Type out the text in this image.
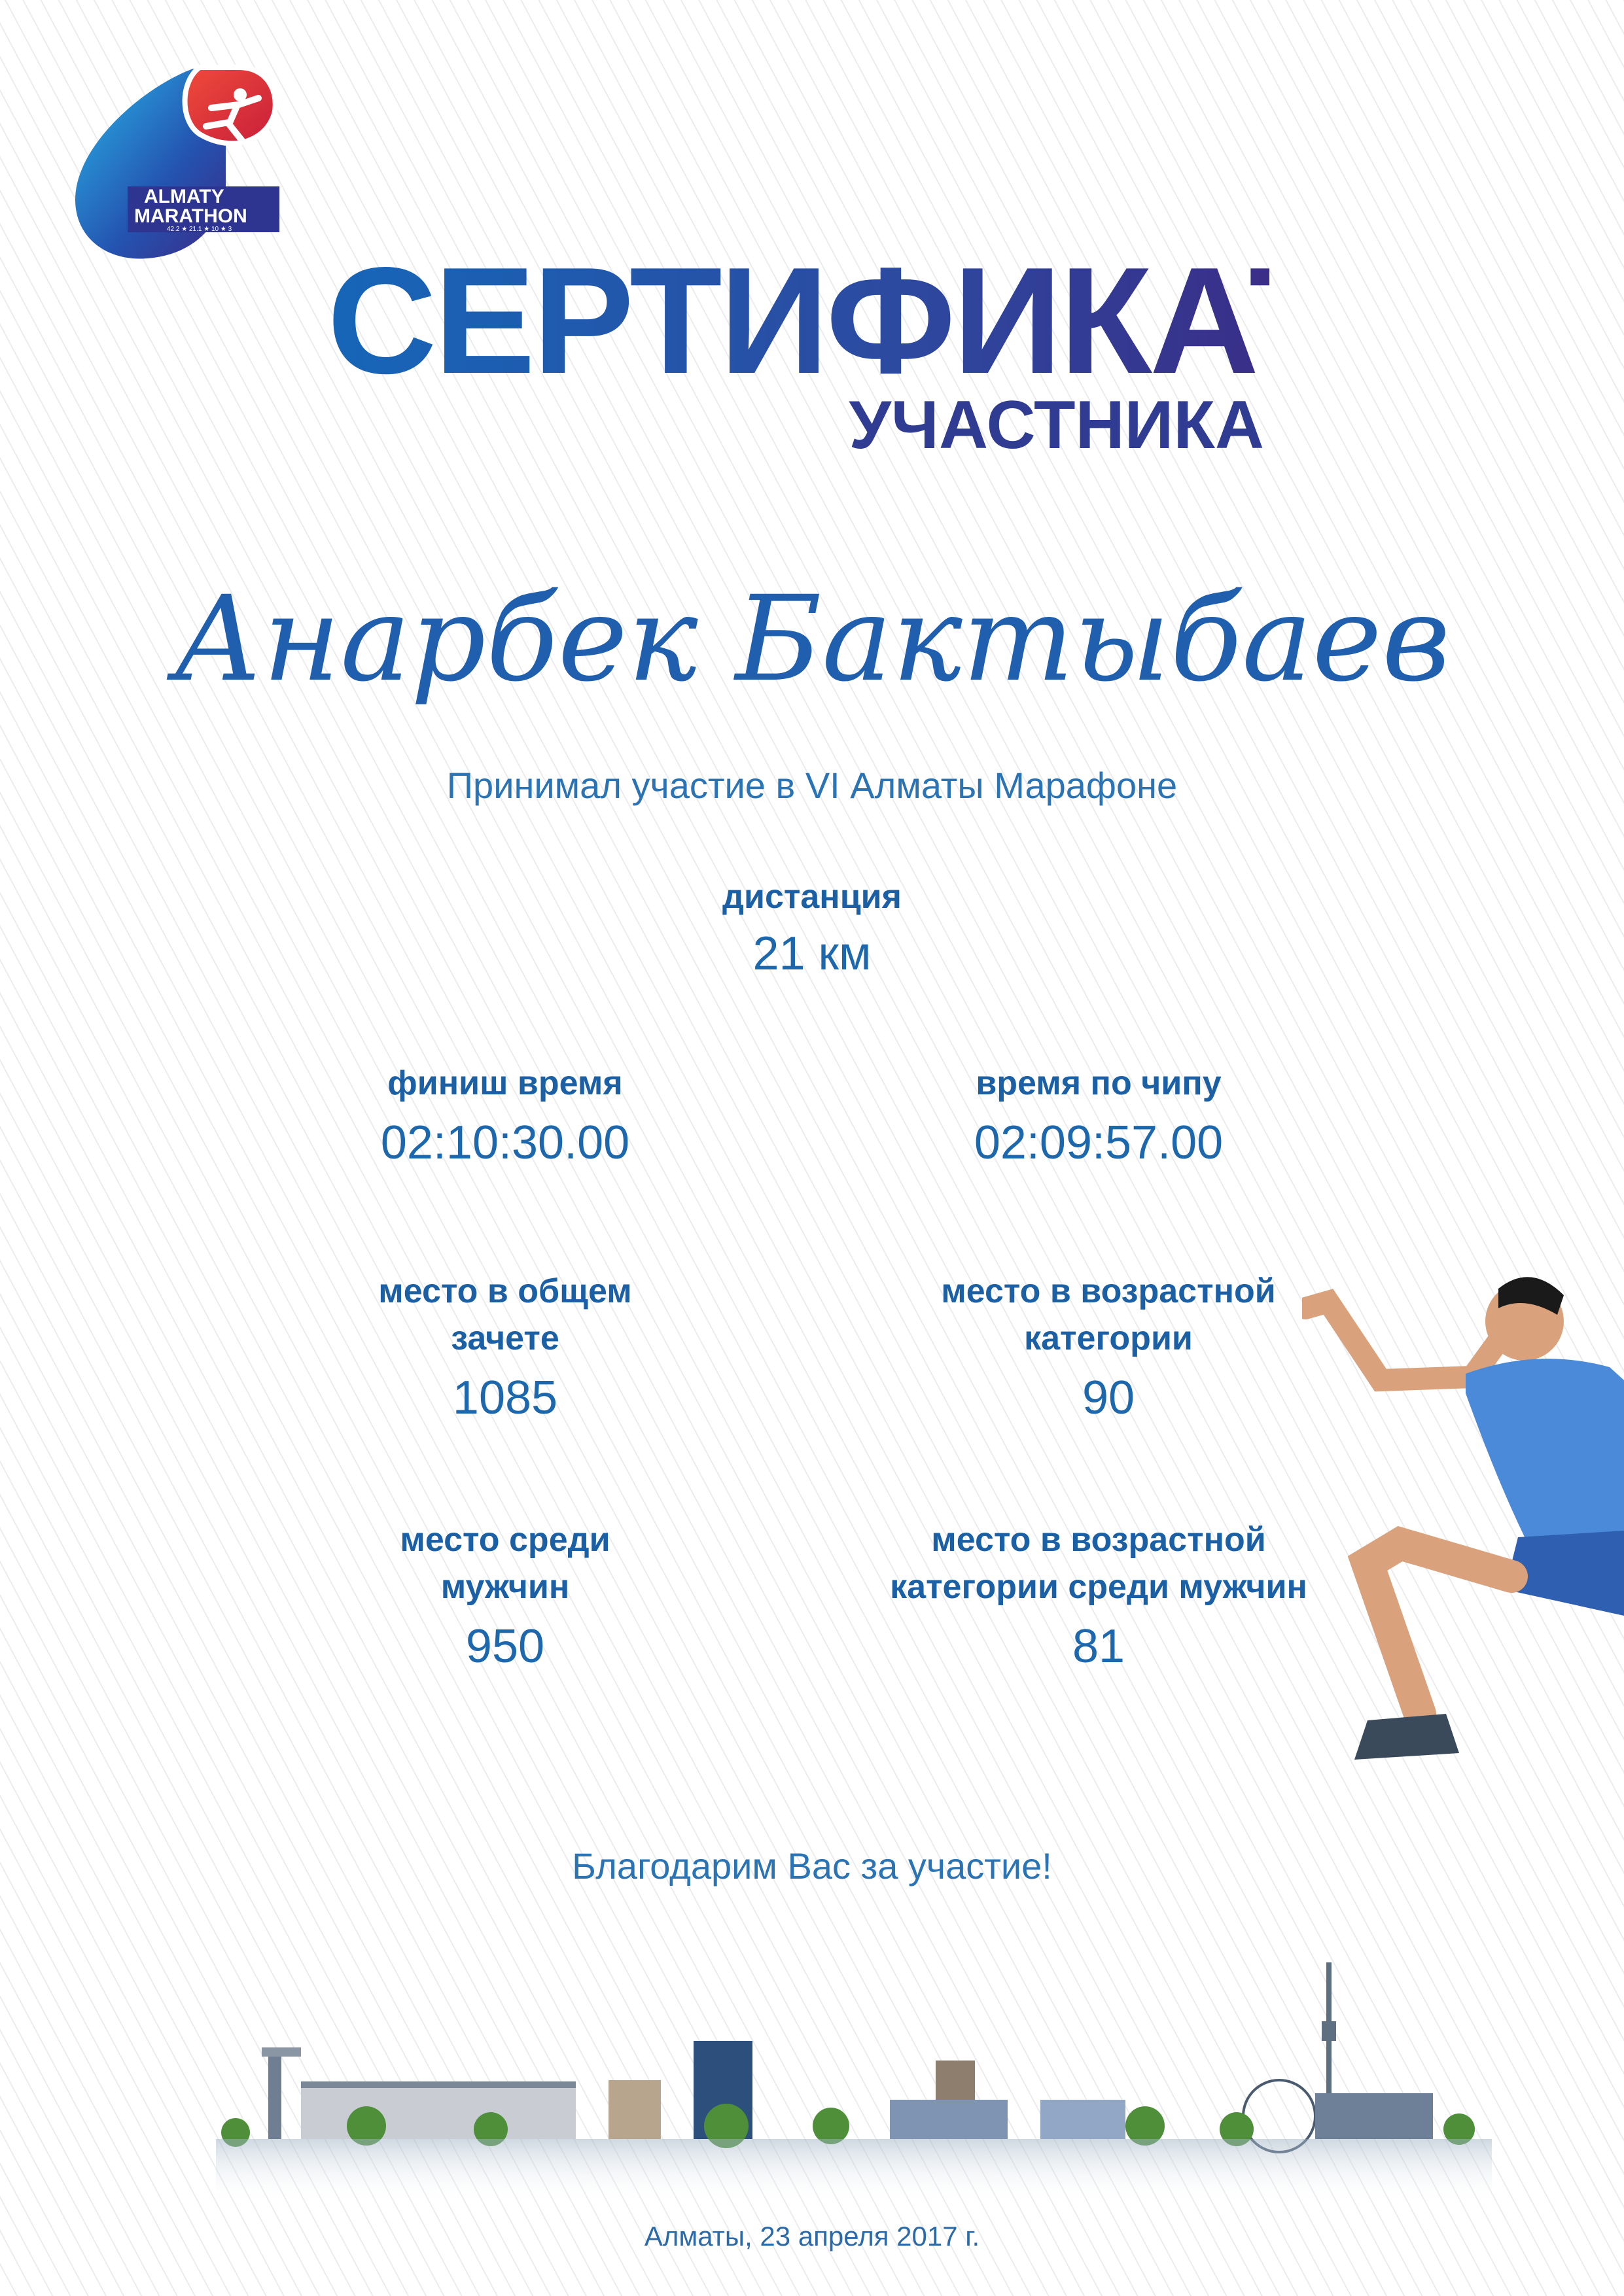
ALMATY
MARATHON
42.2 ★ 21.1 ★ 10 ★ 3
СЕРТИФИКАТ
УЧАСТНИКА
Анарбек Бактыбаев
Принимал участие в VI Алматы Марафоне
дистанция
21 км
финиш время
02:10:30.00
время по чипу
02:09:57.00
место в общем зачете
1085
место в возрастной категории
90
место среди мужчин
950
место в возрастной категории среди мужчин
81
Благодарим Вас за участие!
Алматы, 23 апреля 2017 г.
